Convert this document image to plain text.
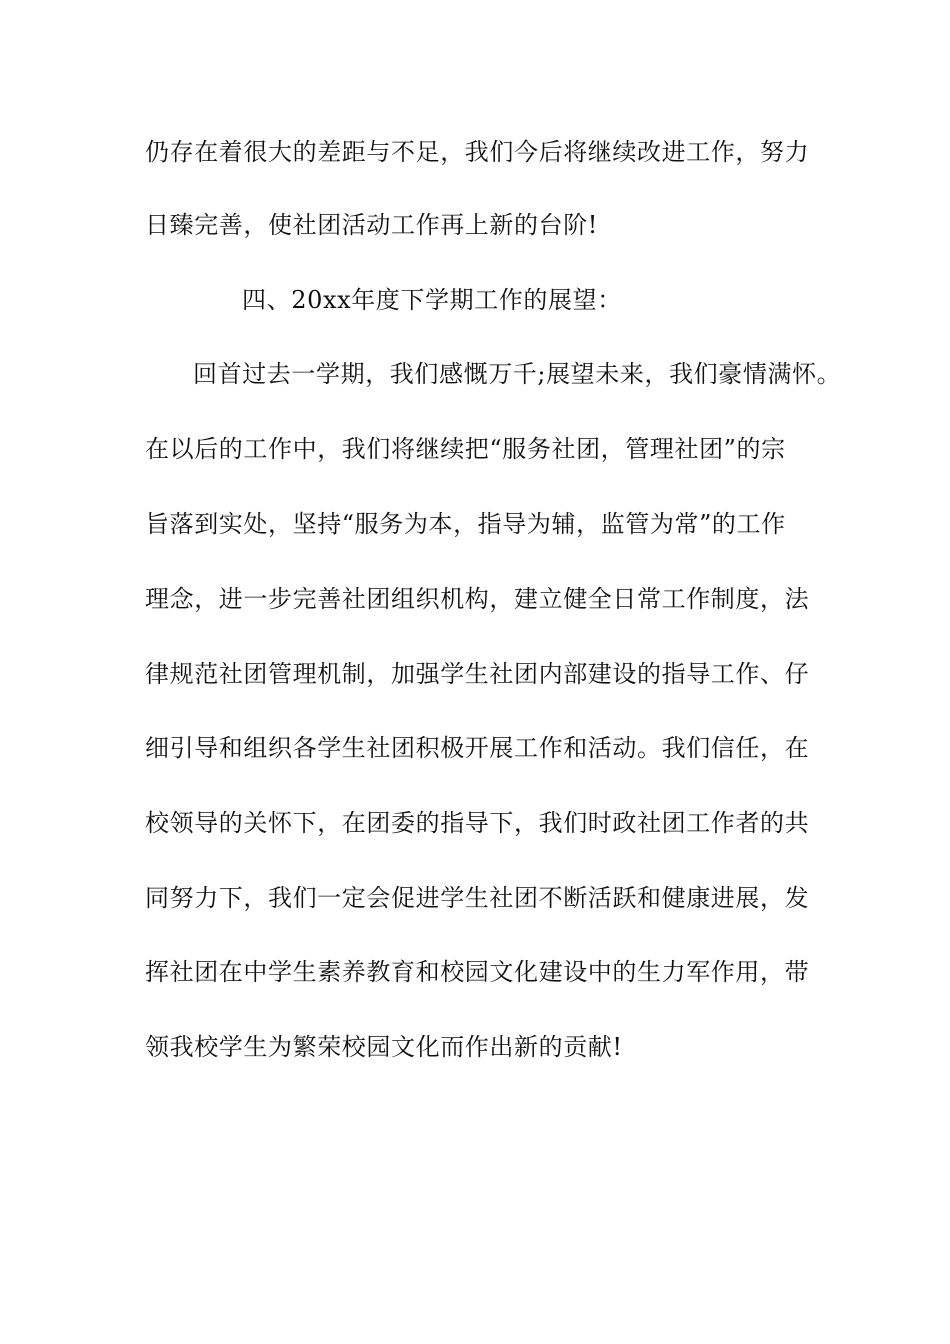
仍存在着很大的差距与不足，我们今后将继续改进工作，努力
日臻完善，使社团活动工作再上新的台阶!
四、20xx年度下学期工作的展望：
回首过去一学期，我们感慨万千;展望未来，我们豪情满怀。
在以后的工作中，我们将继续把“服务社团，管理社团”的宗
旨落到实处，坚持“服务为本，指导为辅，监管为常”的工作
理念，进一步完善社团组织机构，建立健全日常工作制度，法
律规范社团管理机制，加强学生社团内部建设的指导工作、仔
细引导和组织各学生社团积极开展工作和活动。我们信任，在
校领导的关怀下，在团委的指导下，我们时政社团工作者的共
同努力下，我们一定会促进学生社团不断活跃和健康进展，发
挥社团在中学生素养教育和校园文化建设中的生力军作用，带
领我校学生为繁荣校园文化而作出新的贡献!
